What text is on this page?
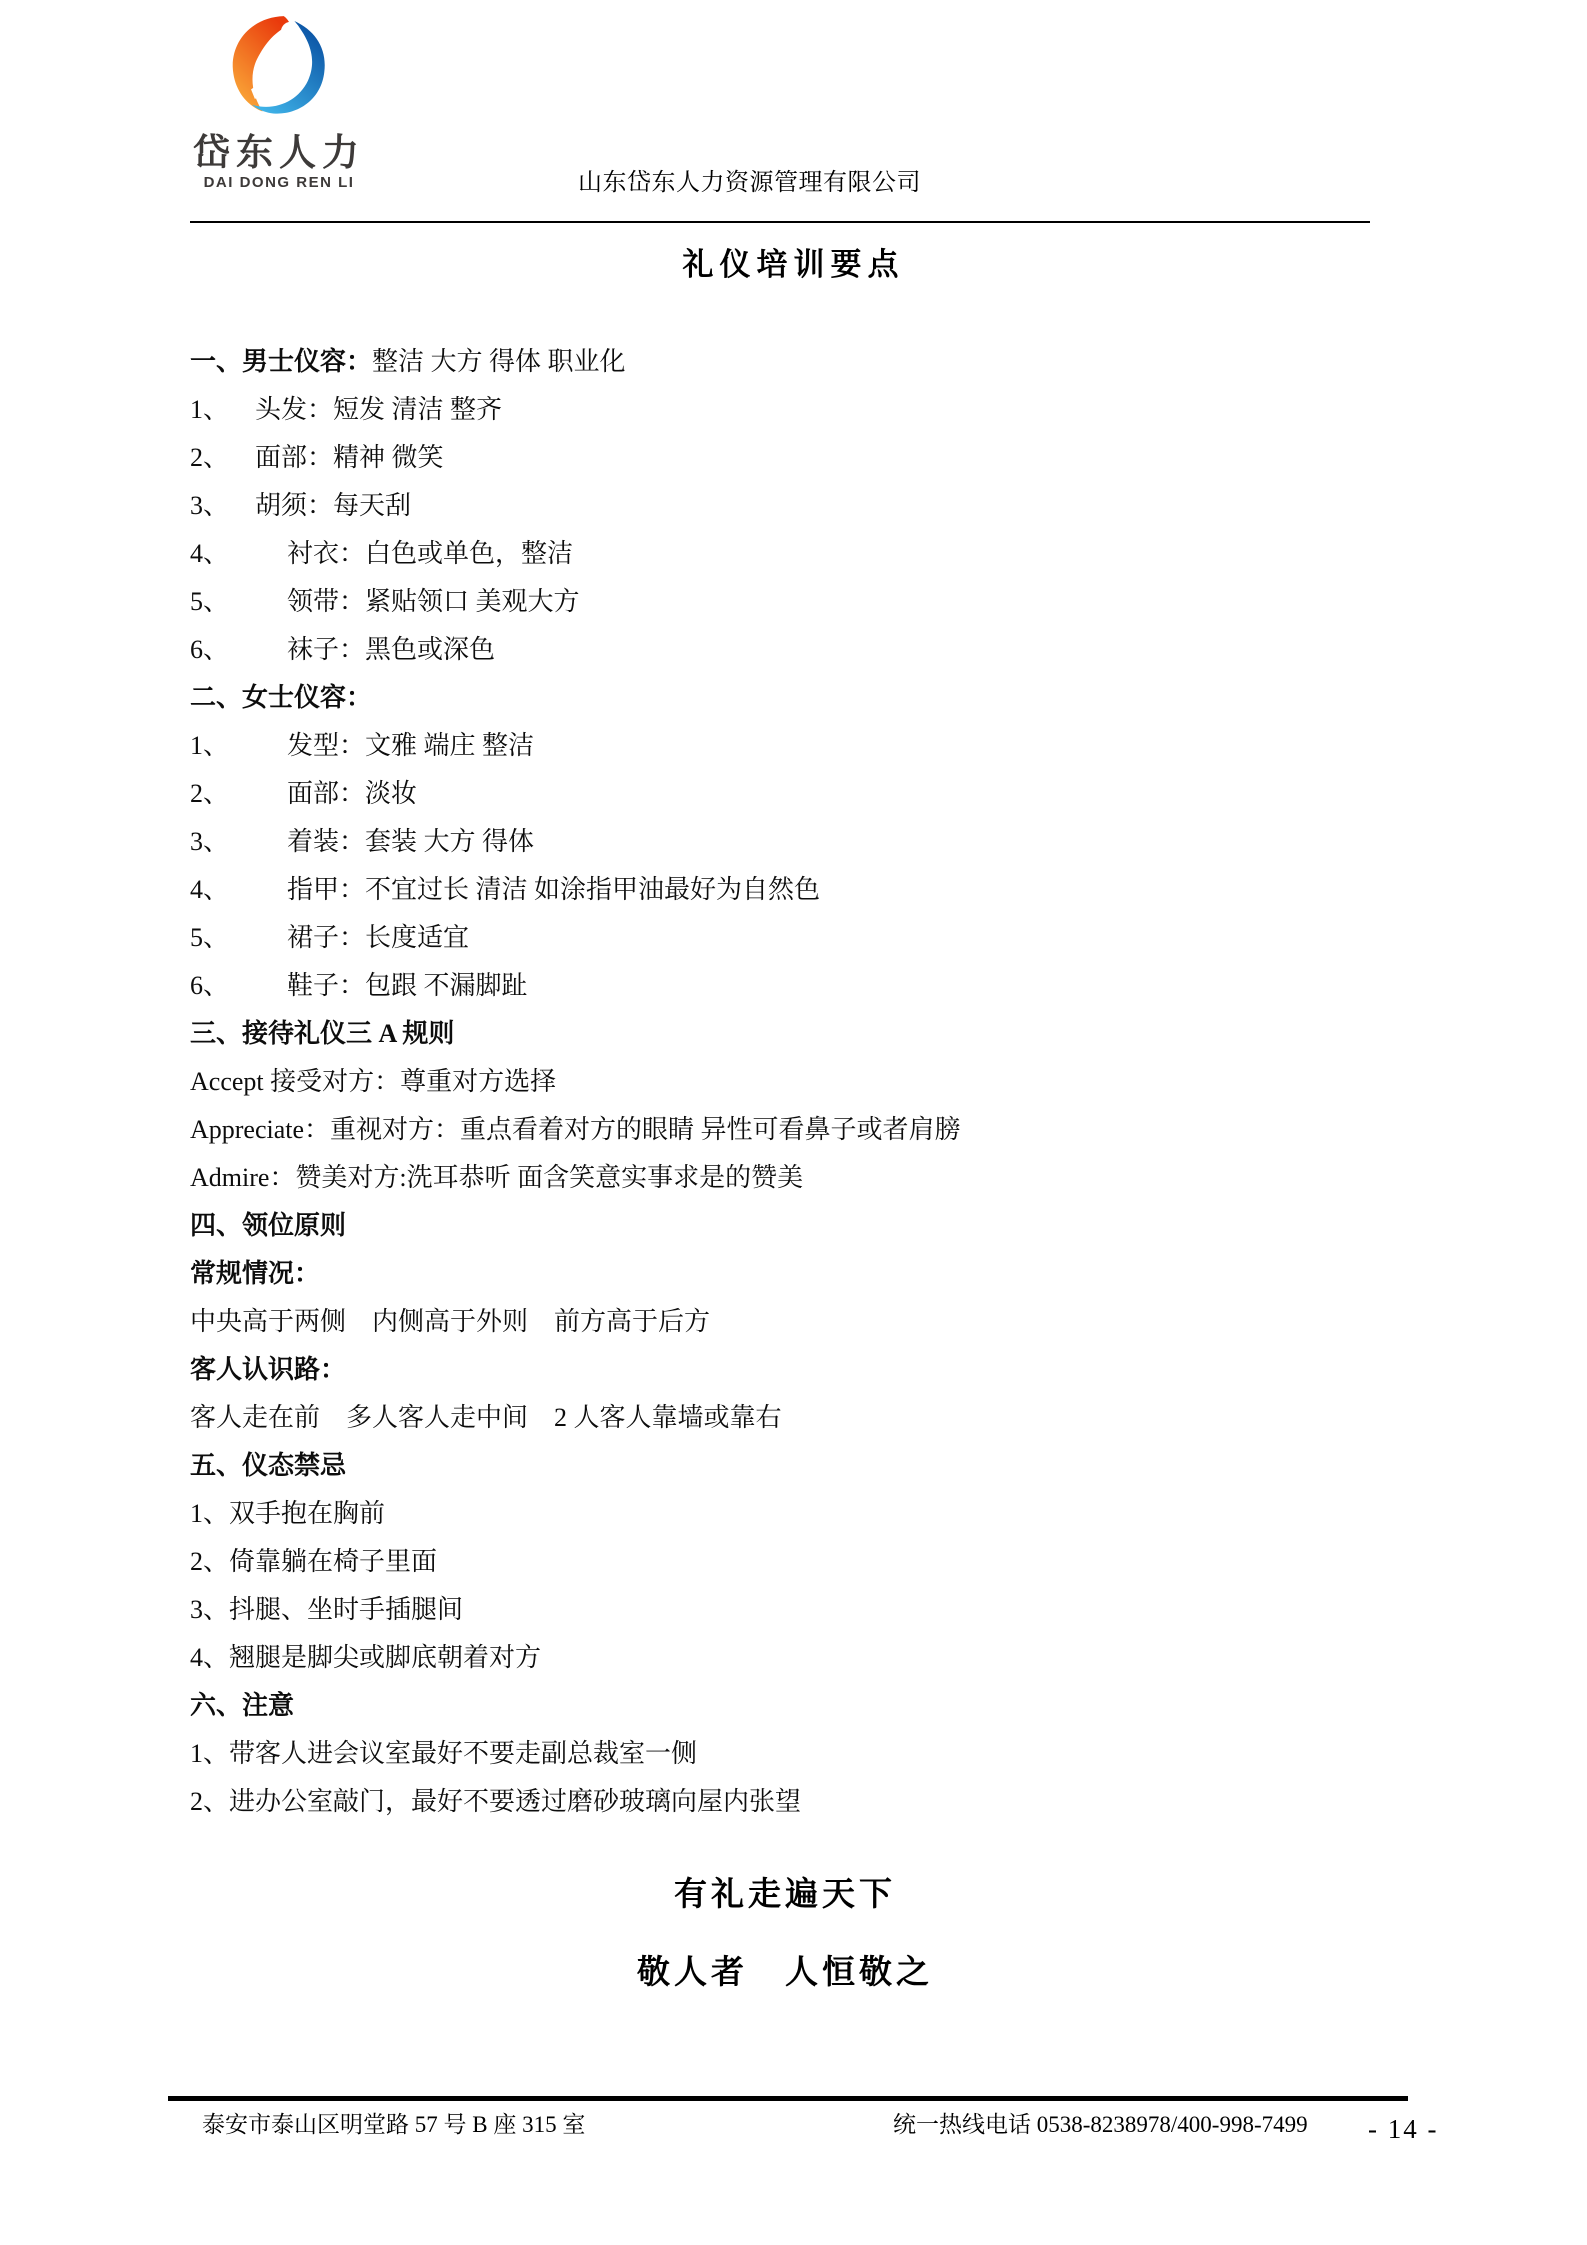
岱东人力
DAI DONG REN LI	山东岱东人力资源管理有限公司
礼仪培训要点
一、男士仪容：整洁 大方 得体 职业化
1、 头发：短发 清洁 整齐
2、 面部：精神 微笑
3、 胡须：每天刮
4、 衬衣：白色或单色，整洁
5、 领带：紧贴领口 美观大方
6、 袜子：黑色或深色
二、女士仪容：
1、 发型：文雅 端庄 整洁
2、 面部：淡妆
3、 着装：套装 大方 得体
4、 指甲：不宜过长 清洁 如涂指甲油最好为自然色
5、 裙子：长度适宜
6、 鞋子：包跟 不漏脚趾
三、接待礼仪三 A 规则
Accept 接受对方：尊重对方选择
Appreciate：重视对方：重点看着对方的眼睛 异性可看鼻子或者肩膀
Admire：赞美对方:洗耳恭听 面含笑意实事求是的赞美
四、领位原则
常规情况：
中央高于两侧　内侧高于外则　前方高于后方
客人认识路：
客人走在前　多人客人走中间　2 人客人靠墙或靠右
五、仪态禁忌
1、双手抱在胸前
2、倚靠躺在椅子里面
3、抖腿、坐时手插腿间
4、翘腿是脚尖或脚底朝着对方
六、注意
1、带客人进会议室最好不要走副总裁室一侧
2、进办公室敲门，最好不要透过磨砂玻璃向屋内张望
有礼走遍天下
敬人者　人恒敬之
泰安市泰山区明堂路 57 号 B 座 315 室	统一热线电话 0538-8238978/400-998-7499 - 14 -
